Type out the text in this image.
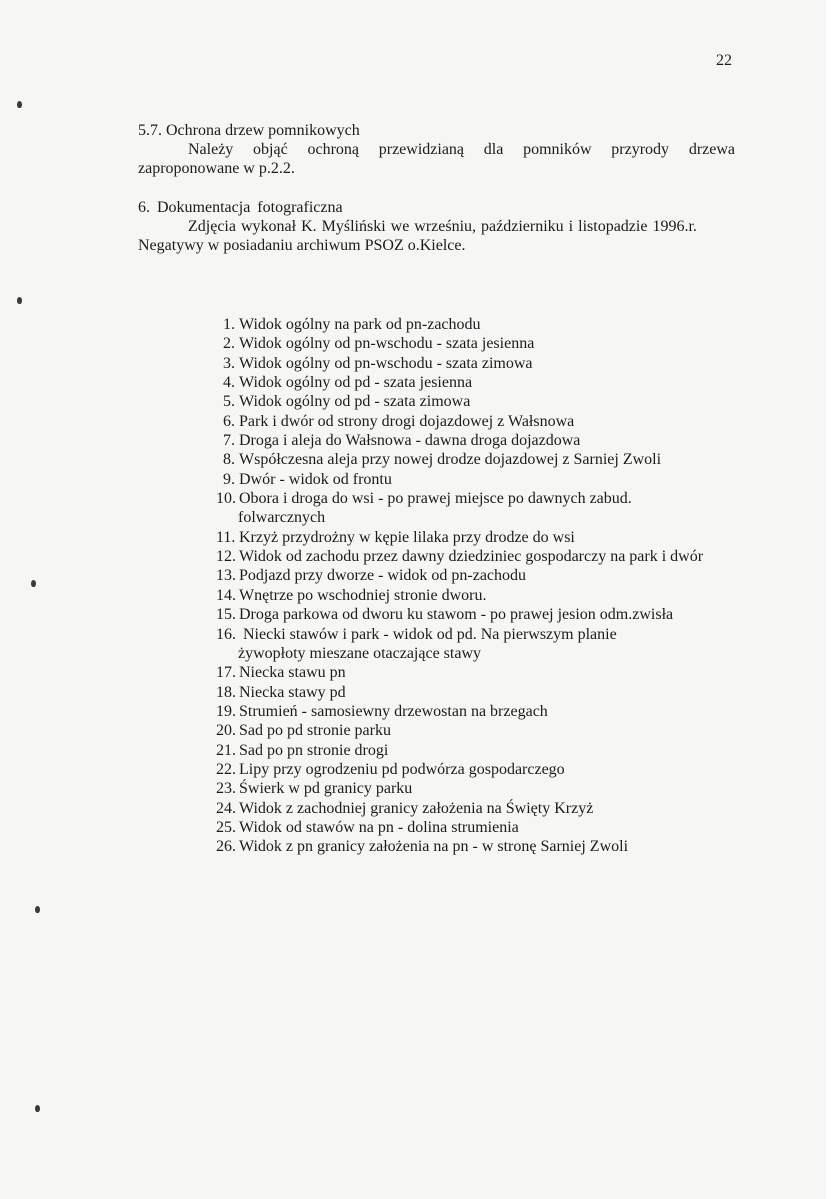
22
5.7. Ochrona drzew pomnikowych
Należy objąć ochroną przewidzianą dla pomników przyrody drzewa
zaproponowane w p.2.2.
6. Dokumentacja fotograficzna
Zdjęcia wykonał K. Myśliński we wrześniu, październiku i listopadzie 1996.r.
Negatywy w posiadaniu archiwum PSOZ o.Kielce.
1. Widok ogólny na park od pn-zachodu
2. Widok ogólny od pn-wschodu - szata jesienna
3. Widok ogólny od pn-wschodu - szata zimowa
4. Widok ogólny od pd - szata jesienna
5. Widok ogólny od pd - szata zimowa
6. Park i dwór od strony drogi dojazdowej z Wałsnowa
7. Droga i aleja do Wałsnowa - dawna droga dojazdowa
8. Współczesna aleja przy nowej drodze dojazdowej z Sarniej Zwoli
9. Dwór - widok od frontu
10. Obora i droga do wsi - po prawej miejsce po dawnych zabud.
folwarcznych
11. Krzyż przydrożny w kępie lilaka przy drodze do wsi
12. Widok od zachodu przez dawny dziedziniec gospodarczy na park i dwór
13. Podjazd przy dworze - widok od pn-zachodu
14. Wnętrze po wschodniej stronie dworu.
15. Droga parkowa od dworu ku stawom - po prawej jesion odm.zwisła
16. Niecki stawów i park - widok od pd. Na pierwszym planie
żywopłoty mieszane otaczające stawy
17. Niecka stawu pn
18. Niecka stawy pd
19. Strumień - samosiewny drzewostan na brzegach
20. Sad po pd stronie parku
21. Sad po pn stronie drogi
22. Lipy przy ogrodzeniu pd podwórza gospodarczego
23. Świerk w pd granicy parku
24. Widok z zachodniej granicy założenia na Święty Krzyż
25. Widok od stawów na pn - dolina strumienia
26. Widok z pn granicy założenia na pn - w stronę Sarniej Zwoli
